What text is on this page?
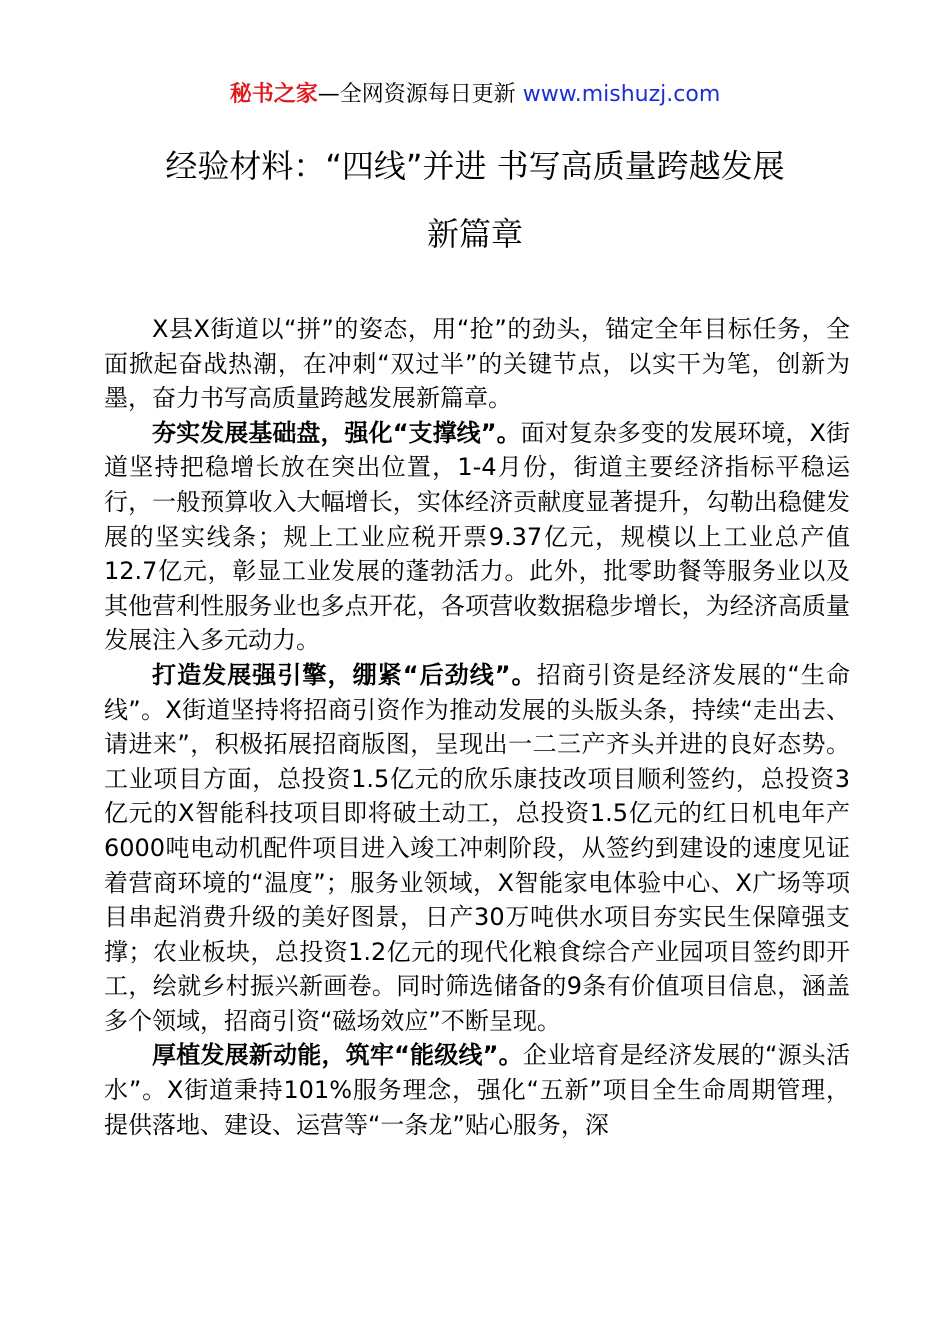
秘书之家—全网资源每日更新 www.mishuzj.com
经验材料：“四线”并进 书写高质量跨越发展
新篇章

X县X街道以“拼”的姿态，用“抢”的劲头，锚定全年目标任务，全面掀起奋战热潮，在冲刺“双过半”的关键节点，以实干为笔，创新为墨，奋力书写高质量跨越发展新篇章。

夯实发展基础盘，强化“支撑线”。面对复杂多变的发展环境，X街道坚持把稳增长放在突出位置，1-4月份，街道主要经济指标平稳运行，一般预算收入大幅增长，实体经济贡献度显著提升，勾勒出稳健发展的坚实线条；规上工业应税开票9.37亿元，规模以上工业总产值12.7亿元，彰显工业发展的蓬勃活力。此外，批零助餐等服务业以及其他营利性服务业也多点开花，各项营收数据稳步增长，为经济高质量发展注入多元动力。

打造发展强引擎，绷紧“后劲线”。招商引资是经济发展的“生命线”。X街道坚持将招商引资作为推动发展的头版头条，持续“走出去、请进来”，积极拓展招商版图，呈现出一二三产齐头并进的良好态势。工业项目方面，总投资1.5亿元的欣乐康技改项目顺利签约，总投资3亿元的X智能科技项目即将破土动工，总投资1.5亿元的红日机电年产6000吨电动机配件项目进入竣工冲刺阶段，从签约到建设的速度见证着营商环境的“温度”；服务业领域，X智能家电体验中心、X广场等项目串起消费升级的美好图景，日产30万吨供水项目夯实民生保障强支撑；农业板块，总投资1.2亿元的现代化粮食综合产业园项目签约即开工，绘就乡村振兴新画卷。同时筛选储备的9条有价值项目信息，涵盖多个领域，招商引资“磁场效应”不断呈现。

厚植发展新动能，筑牢“能级线”。企业培育是经济发展的“源头活水”。X街道秉持101%服务理念，强化“五新”项目全生命周期管理，提供落地、建设、运营等“一条龙”贴心服务，深
